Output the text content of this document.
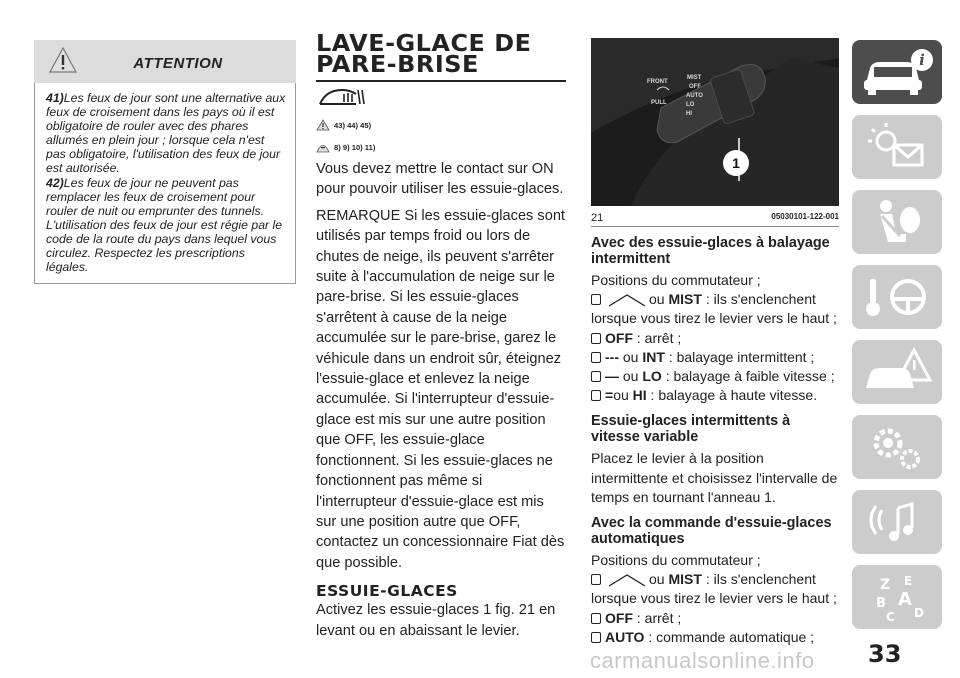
ATTENTION

41)Les feux de jour sont une alternative aux feux de croisement dans les pays où il est obligatoire de rouler avec des phares allumés en plein jour ; lorsque cela n'est pas obligatoire, l'utilisation des feux de jour est autorisée.

42)Les feux de jour ne peuvent pas remplacer les feux de croisement pour rouler de nuit ou emprunter des tunnels. L'utilisation des feux de jour est régie par le code de la route du pays dans lequel vous circulez. Respectez les prescriptions légales.

LAVE-GLACE DE
PARE-BRISE
43) 44) 45)
8) 9) 10) 11)

Vous devez mettre le contact sur ON pour pouvoir utiliser les essuie-glaces.

REMARQUE Si les essuie-glaces sont utilisés par temps froid ou lors de chutes de neige, ils peuvent s'arrêter suite à l'accumulation de neige sur le pare-brise. Si les essuie-glaces s'arrêtent à cause de la neige accumulée sur le pare-brise, garez le véhicule dans un endroit sûr, éteignez l'essuie-glace et enlevez la neige accumulée. Si l'interrupteur d'essuie-glace est mis sur une autre position que OFF, les essuie-glace fonctionnent. Si les essuie-glaces ne fonctionnent pas même si l'interrupteur d'essuie-glace est mis sur une position autre que OFF, contactez un concessionnaire Fiat dès que possible.

ESSUIE-GLACES

Activez les essuie-glaces 1 fig. 21 en levant ou en abaissant le levier.

FRONT
MIST
OFF
AUTO
LO
HI
PULL
1
21	05030101-122-001
Avec des essuie-glaces à balayage intermittent
Positions du commutateur ;
ou
MIST
: ils s'enclenchent
lorsque vous tirez le levier vers le haut ;
OFF
: arrêt ;
---
ou
INT
: balayage intermittent ;
—
ou
LO
: balayage à faible vitesse ;
= ou
HI
: balayage à haute vitesse.
Essuie-glaces intermittents à vitesse variable
Placez le levier à la position intermittente et choisissez l'intervalle de temps en tournant l'anneau 1.
Avec la commande d'essuie-glaces automatiques
Positions du commutateur ;
ou
MIST
: ils s'enclenchent
lorsque vous tirez le levier vers le haut ;
OFF
: arrêt ;
AUTO
: commande automatique ;
i
Z E
B A
C D
33
carmanualsonline.info
